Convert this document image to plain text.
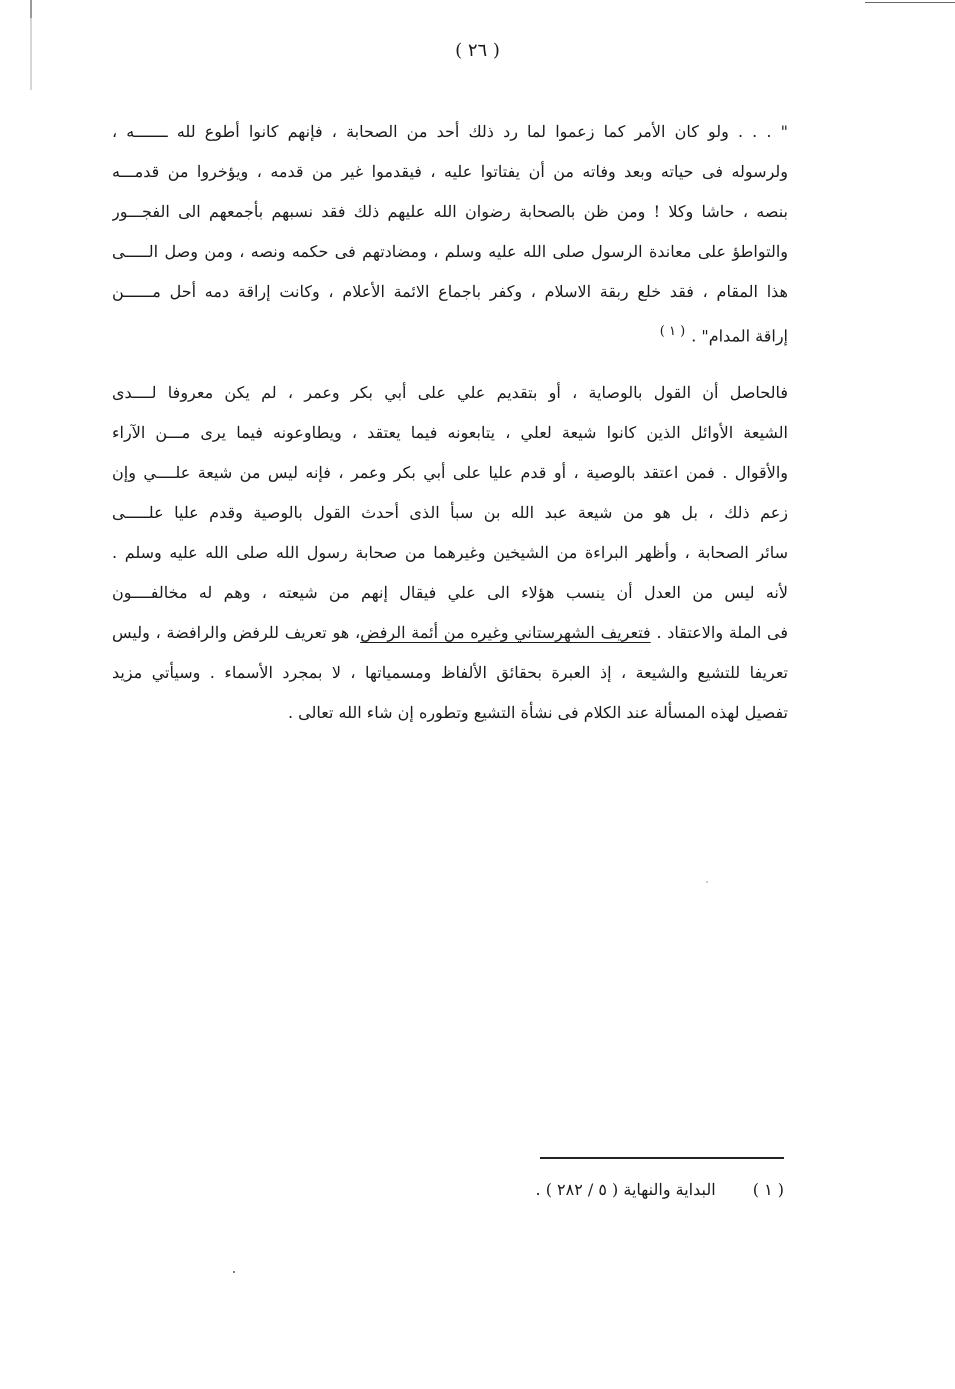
( ٢٦ )
" . . . ولو كان الأمر كما زعموا لما رد ذلك أحد من الصحابة ، فإنهم كانوا أطوع لله ـــــــه ،
ولرسوله فى حياته وبعد وفاته من أن يفتاتوا عليه ، فيقدموا غير من قدمه ، ويؤخروا من قدمـــه
بنصه ، حاشا وكلا ! ومن ظن بالصحابة رضوان الله عليهم ذلك فقد نسبهم بأجمعهم الى الفجـــور
والتواطؤ على معاندة الرسول صلى الله عليه وسلم ، ومضادتهم فى حكمه ونصه ، ومن وصل الـــــى
هذا المقام ، فقد خلع ربقة الاسلام ، وكفر باجماع الائمة الأعلام ، وكانت إراقة دمه أحل مــــــن
إراقة المدام" .$^{( ١ )}$
فالحاصل أن القول بالوصاية ، أو بتقديم علي على أبي بكر وعمر ، لم يكن معروفا لــــدى
الشيعة الأوائل الذين كانوا شيعة لعلي ، يتابعونه فيما يعتقد ، ويطاوعونه فيما يرى مـــن الآراء
والأقوال . فمن اعتقد بالوصية ، أو قدم عليا على أبي بكر وعمر ، فإنه ليس من شيعة علــــي وإن
زعم ذلك ، بل هو من شيعة عبد الله بن سبأ الذى أحدث القول بالوصية وقدم عليا علـــــى
سائر الصحابة ، وأظهر البراءة من الشيخين وغيرهما من صحابة رسول الله صلى الله عليه وسلم .
لأنه ليس من العدل أن ينسب هؤلاء الى علي فيقال إنهم من شيعته ، وهم له مخالفــــون
فى الملة والاعتقاد . فتعريف الشهرستاني وغيره من أئمة الرفض، هو تعريف للرفض والرافضة ، وليس
تعريفا للتشيع والشيعة ، إذ العبرة بحقائق الألفاظ ومسمياتها ، لا بمجرد الأسماء . وسيأتي مزيد
تفصيل لهذه المسألة عند الكلام فى نشأة التشيع وتطوره إن شاء الله تعالى .
( ١ ) البداية والنهاية ( ٥ / ٢٨٢ ) .
